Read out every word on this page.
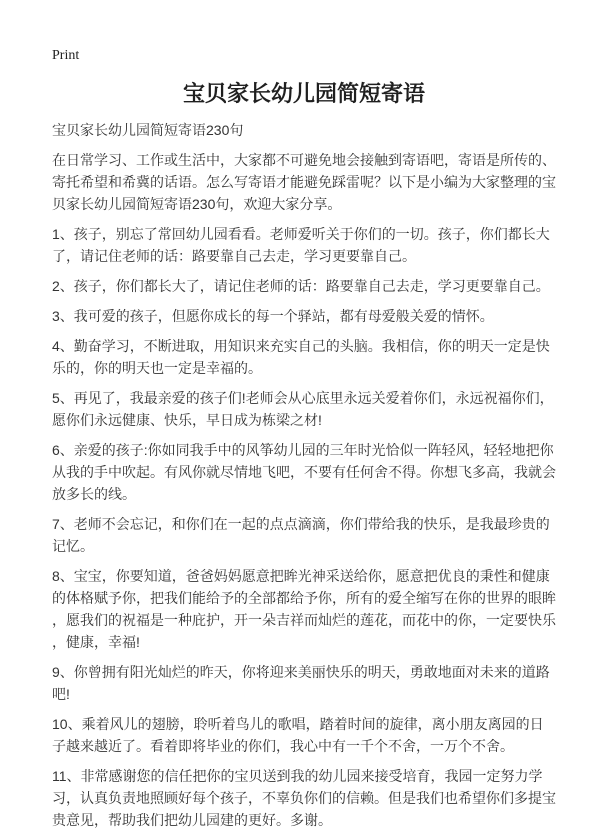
Print
宝贝家长幼儿园简短寄语
宝贝家长幼儿园简短寄语230句

在日常学习、工作或生活中，大家都不可避免地会接触到寄语吧，寄语是所传的、寄托希望和希冀的话语。怎么写寄语才能避免踩雷呢？以下是小编为大家整理的宝贝家长幼儿园简短寄语230句，欢迎大家分享。

1、孩子，别忘了常回幼儿园看看。老师爱听关于你们的一切。孩子，你们都长大了，请记住老师的话：路要靠自己去走，学习更要靠自己。

2、孩子，你们都长大了，请记住老师的话：路要靠自己去走，学习更要靠自己。

3、我可爱的孩子，但愿你成长的每一个驿站，都有母爱般关爱的情怀。

4、勤奋学习，不断进取，用知识来充实自己的头脑。我相信，你的明天一定是快乐的，你的明天也一定是幸福的。

5、再见了，我最亲爱的孩子们!老师会从心底里永远关爱着你们，永远祝福你们，愿你们永远健康、快乐，早日成为栋梁之材!

6、亲爱的孩子:你如同我手中的风筝幼儿园的三年时光恰似一阵轻风，轻轻地把你从我的手中吹起。有风你就尽情地飞吧，不要有任何舍不得。你想飞多高，我就会放多长的线。

7、老师不会忘记，和你们在一起的点点滴滴，你们带给我的快乐，是我最珍贵的记忆。

8、宝宝，你要知道，爸爸妈妈愿意把眸光神采送给你，愿意把优良的秉性和健康的体格赋予你，把我们能给予的全部都给予你，所有的爱全缩写在你的世界的眼眸，愿我们的祝福是一种庇护，开一朵吉祥而灿烂的莲花，而花中的你，一定要快乐，健康，幸福!

9、你曾拥有阳光灿烂的昨天，你将迎来美丽快乐的明天，勇敢地面对未来的道路吧!

10、乘着风儿的翅膀，聆听着鸟儿的歌唱，踏着时间的旋律，离小朋友离园的日子越来越近了。看着即将毕业的你们，我心中有一千个不舍，一万个不舍。

11、非常感谢您的信任把你的宝贝送到我的幼儿园来接受培育，我园一定努力学习，认真负责地照顾好每个孩子，不辜负你们的信赖。但是我们也希望你们多提宝贵意见，帮助我们把幼儿园建的更好。多谢。
